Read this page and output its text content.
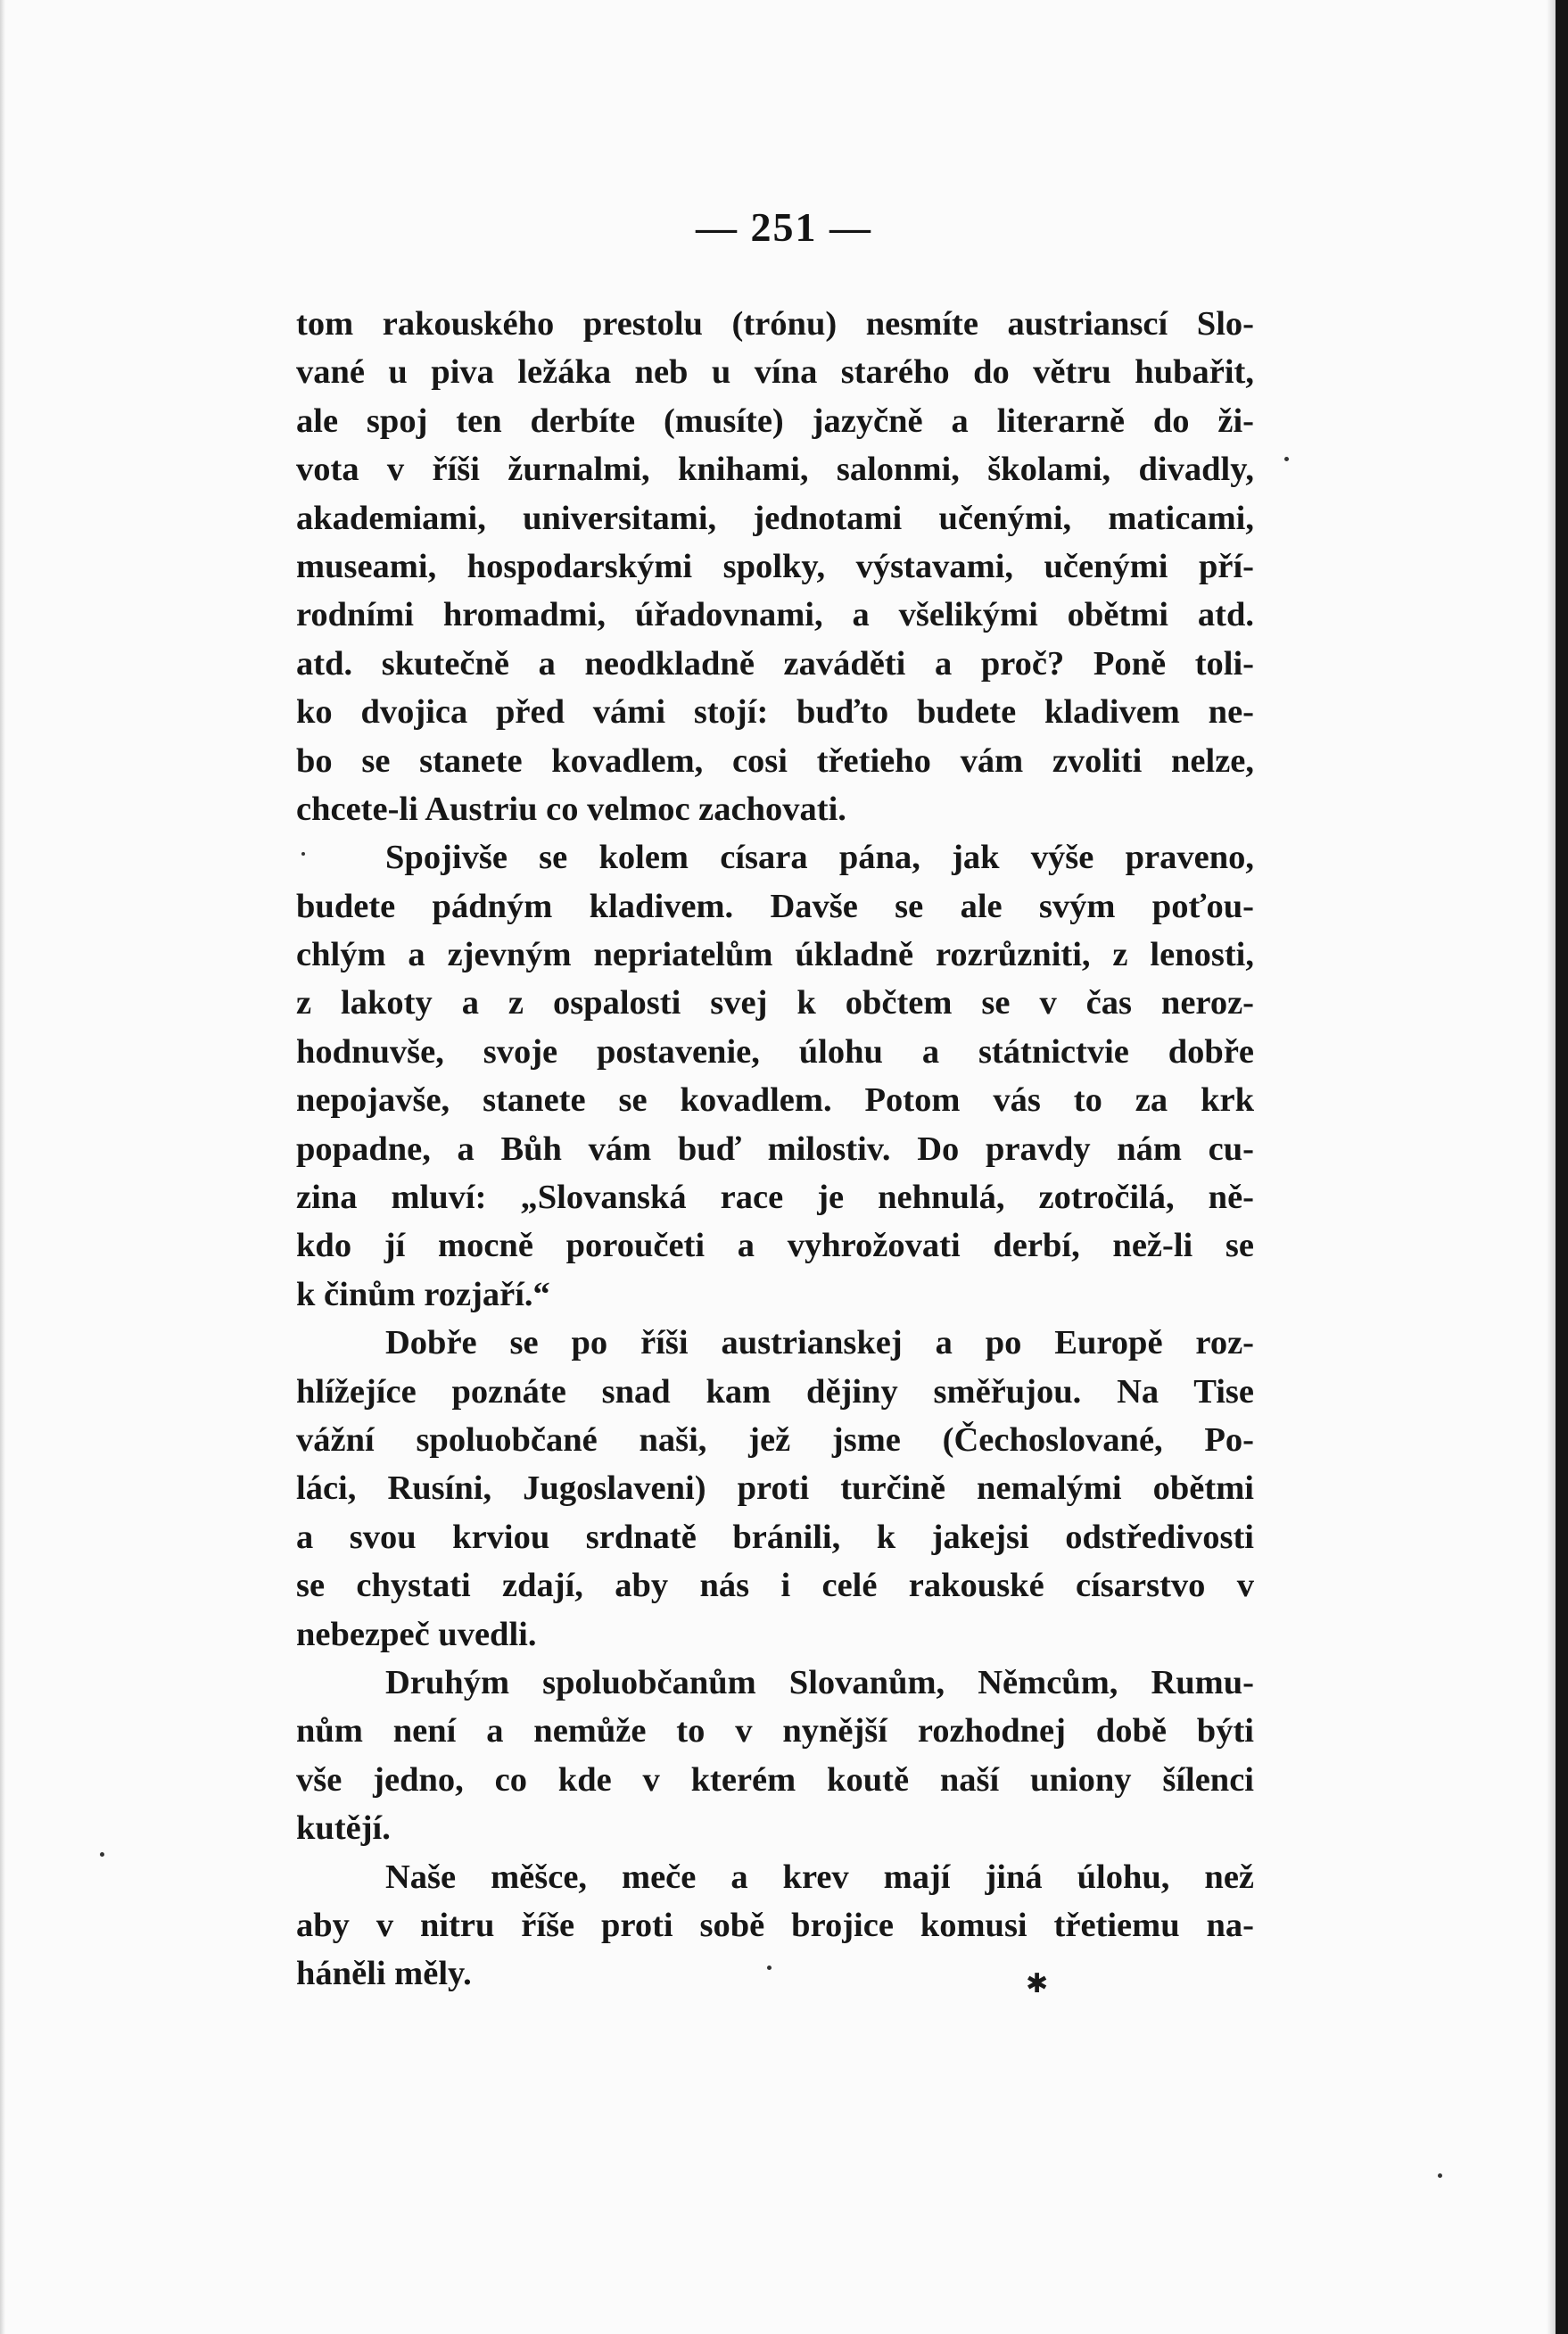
— 251 —
tom rakouského prestolu (trónu) nesmíte austrianscí Slo-
vané u piva ležáka neb u vína starého do větru hubařit,
ale spoj ten derbíte (musíte) jazyčně a literarně do ži-
vota v říši žurnalmi, knihami, salonmi, školami, divadly,
akademiami, universitami, jednotami učenými, maticami,
museami, hospodarskými spolky, výstavami, učenými pří-
rodními hromadmi, úřadovnami, a všelikými obětmi atd.
atd. skutečně a neodkladně zaváděti a proč? Poně toli-
ko dvojica před vámi stojí: buďto budete kladivem ne-
bo se stanete kovadlem, cosi třetieho vám zvoliti nelze,
chcete-li Austriu co velmoc zachovati.
Spojivše se kolem císara pána, jak výše praveno,
budete pádným kladivem. Davše se ale svým poťou-
chlým a zjevným nepriatelům úkladně rozrůzniti, z lenosti,
z lakoty a z ospalosti svej k občtem se v čas neroz-
hodnuvše, svoje postavenie, úlohu a státnictvie dobře
nepojavše, stanete se kovadlem. Potom vás to za krk
popadne, a Bůh vám buď milostiv. Do pravdy nám cu-
zina mluví: „Slovanská race je nehnulá, zotročilá, ně-
kdo jí mocně poroučeti a vyhrožovati derbí, než-li se
k činům rozjaří.“
Dobře se po říši austrianskej a po Europě roz-
hlížejíce poznáte snad kam dějiny směřujou. Na Tise
vážní spoluobčané naši, jež jsme (Čechoslované, Po-
láci, Rusíni, Jugoslaveni) proti turčině nemalými obětmi
a svou krviou srdnatě bránili, k jakejsi odstředivosti
se chystati zdají, aby nás i celé rakouské císarstvo v
nebezpeč uvedli.
Druhým spoluobčanům Slovanům, Němcům, Rumu-
nům není a nemůže to v nynější rozhodnej době býti
vše jedno, co kde v kterém koutě naší uniony šílenci
kutějí.
Naše měšce, meče a krev mají jiná úlohu, než
aby v nitru říše proti sobě brojice komusi třetiemu na-
háněli měly.	✱
